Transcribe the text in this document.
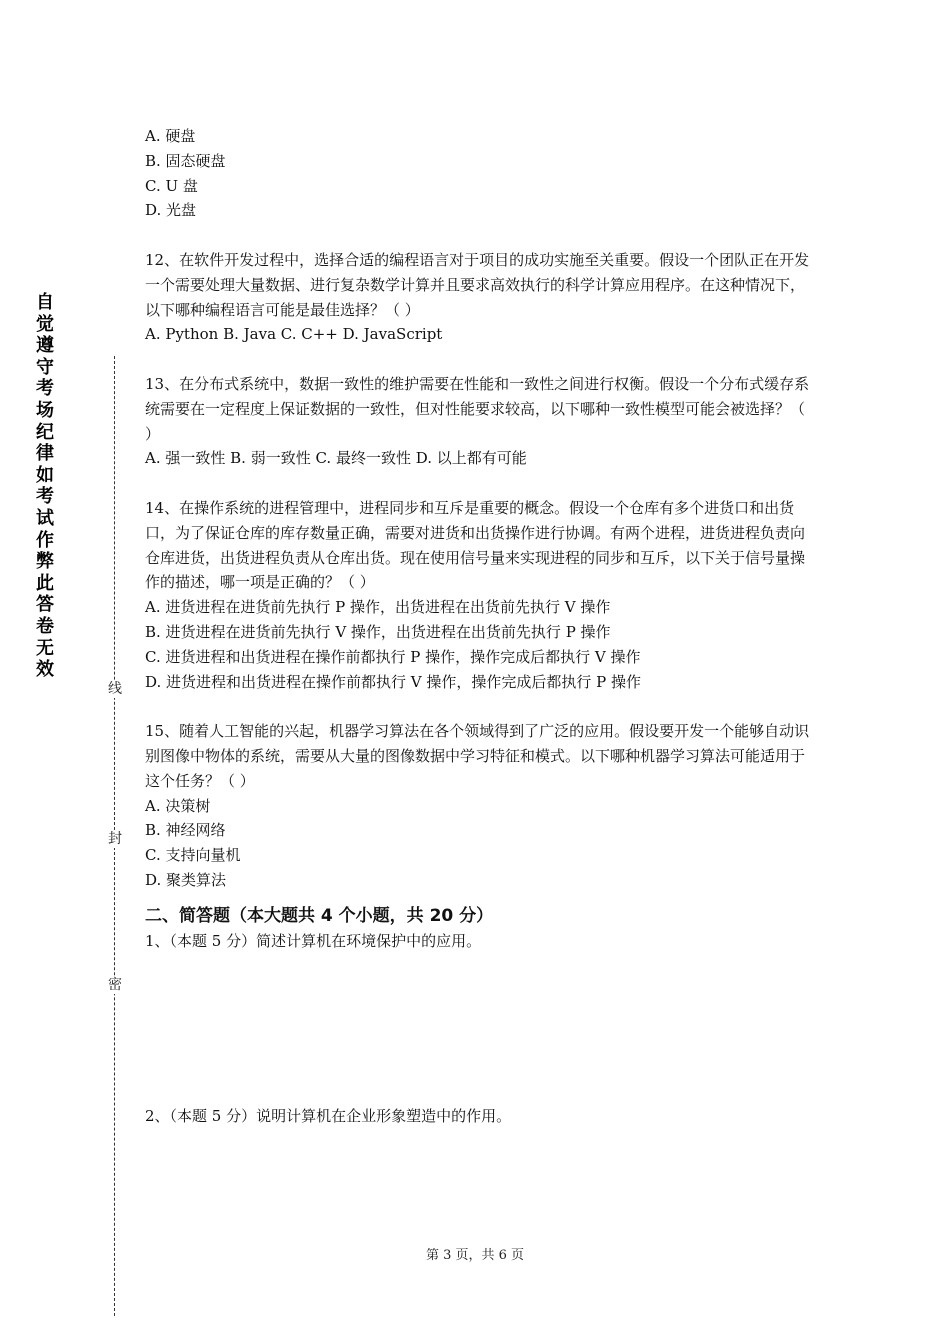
自
觉
遵
守
考
场
纪
律
如
考
试
作
弊
此
答
卷
无
效
线
封
密
A. 硬盘
B. 固态硬盘
C. U 盘
D. 光盘
12、在软件开发过程中，选择合适的编程语言对于项目的成功实施至关重要。假设一个团队正在开发一个需要处理大量数据、进行复杂数学计算并且要求高效执行的科学计算应用程序。在这种情况下，以下哪种编程语言可能是最佳选择？（ ）
A. Python B. Java C. C++ D. JavaScript
13、在分布式系统中，数据一致性的维护需要在性能和一致性之间进行权衡。假设一个分布式缓存系统需要在一定程度上保证数据的一致性，但对性能要求较高，以下哪种一致性模型可能会被选择？（ ）
A. 强一致性 B. 弱一致性 C. 最终一致性 D. 以上都有可能
14、在操作系统的进程管理中，进程同步和互斥是重要的概念。假设一个仓库有多个进货口和出货口，为了保证仓库的库存数量正确，需要对进货和出货操作进行协调。有两个进程，进货进程负责向仓库进货，出货进程负责从仓库出货。现在使用信号量来实现进程的同步和互斥，以下关于信号量操作的描述，哪一项是正确的？（ ）
A. 进货进程在进货前先执行 P 操作，出货进程在出货前先执行 V 操作
B. 进货进程在进货前先执行 V 操作，出货进程在出货前先执行 P 操作
C. 进货进程和出货进程在操作前都执行 P 操作，操作完成后都执行 V 操作
D. 进货进程和出货进程在操作前都执行 V 操作，操作完成后都执行 P 操作
15、随着人工智能的兴起，机器学习算法在各个领域得到了广泛的应用。假设要开发一个能够自动识别图像中物体的系统，需要从大量的图像数据中学习特征和模式。以下哪种机器学习算法可能适用于这个任务？（ ）
A. 决策树
B. 神经网络
C. 支持向量机
D. 聚类算法
二、简答题（本大题共 4 个小题，共 20 分）
1、（本题 5 分）简述计算机在环境保护中的应用。
2、（本题 5 分）说明计算机在企业形象塑造中的作用。
第 3 页，共 6 页
